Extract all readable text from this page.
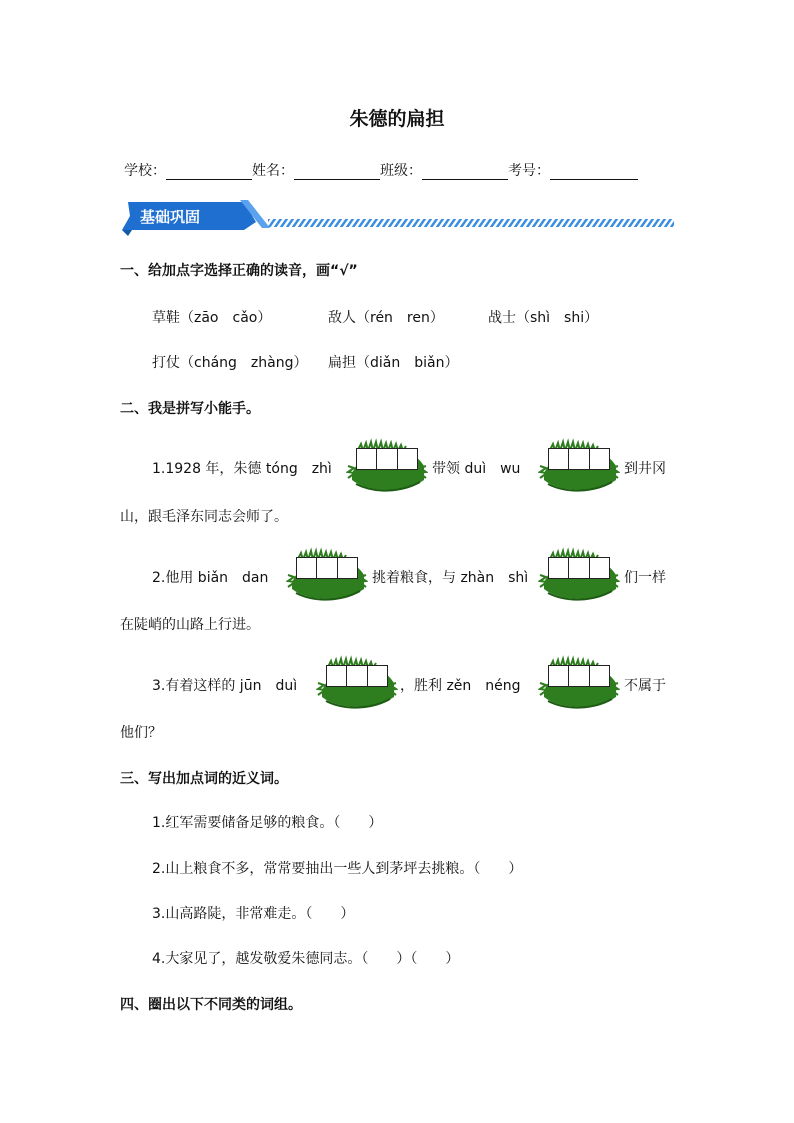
朱德的扁担
学校：	姓名：	班级：	考号：
基础巩固
一、给加点字选择正确的读音，画“√”
草鞋（zāo　cǎo）	敌人（rén　ren）	战士（shì　shi）
打仗（cháng　zhàng） 扁担（diǎn　biǎn）
二、我是拼写小能手。
1.1928 年，朱德 tóng　zhì	带领 duì　wu	到井冈
山，跟毛泽东同志会师了。
2.他用 biǎn　dan	挑着粮食，与 zhàn　shì	们一样
在陡峭的山路上行进。
3.有着这样的 jūn　duì	，胜利 zěn　néng	不属于
他们？
三、写出加点词的近义词。
1.红军需要储备足够的粮食。（　　）
2.山上粮食不多，常常要抽出一些人到茅坪去挑粮。（　　）
3.山高路陡，非常难走。（　　）
4.大家见了，越发敬爱朱德同志。（　　）（　　）
四、圈出以下不同类的词组。
